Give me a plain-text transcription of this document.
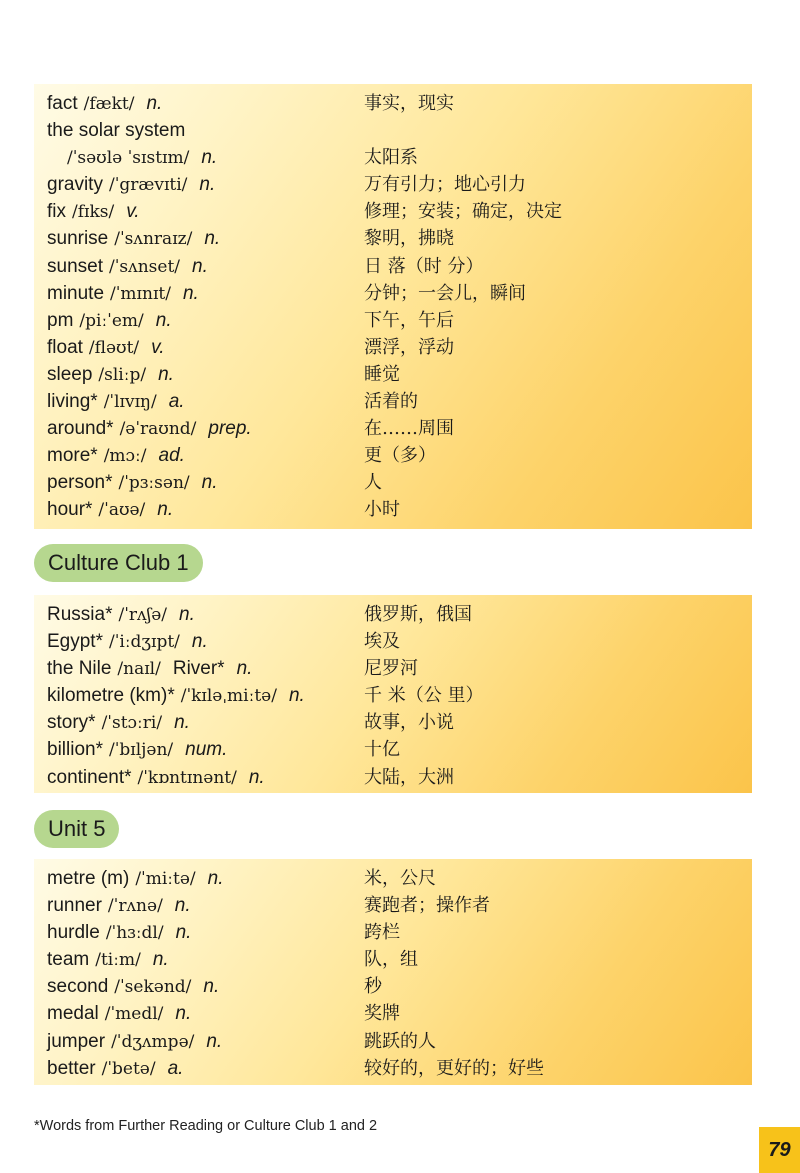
fact /fækt/ n.	事实，现实
the solar system
/ˈsəʊlə ˈsɪstɪm/ n.	太阳系
gravity /ˈgrævɪti/ n.	万有引力；地心引力
fix /fɪks/ v.	修理；安装；确定，决定
sunrise /ˈsʌnraɪz/ n.	黎明，拂晓
sunset /ˈsʌnset/ n.	日 落（时 分）
minute /ˈmɪnɪt/ n.	分钟；一会儿，瞬间
pm /piːˈem/ n.	下午，午后
float /fləʊt/ v.	漂浮，浮动
sleep /sliːp/ n.	睡觉
living* /ˈlɪvɪŋ/ a.	活着的
around* /əˈraʊnd/ prep.	在……周围
more* /mɔː/ ad.	更（多）
person* /ˈpɜːsən/ n.	人
hour* /ˈaʊə/ n.	小时
Culture Club 1
Russia* /ˈrʌʃə/ n.	俄罗斯，俄国
Egypt* /ˈiːdʒɪpt/ n.	埃及
the Nile /naɪl/ River* n.	尼罗河
kilometre (km)* /ˈkɪləˌmiːtə/ n.	千 米（公 里）
story* /ˈstɔːri/ n.	故事，小说
billion* /ˈbɪljən/ num.	十亿
continent* /ˈkɒntɪnənt/ n.	大陆，大洲
Unit 5
metre (m) /ˈmiːtə/ n.	米，公尺
runner /ˈrʌnə/ n.	赛跑者；操作者
hurdle /ˈhɜːdl/ n.	跨栏
team /tiːm/ n.	队，组
second /ˈsekənd/ n.	秒
medal /ˈmedl/ n.	奖牌
jumper /ˈdʒʌmpə/ n.	跳跃的人
better /ˈbetə/ a.	较好的，更好的；好些
*Words from Further Reading or Culture Club 1 and 2
79
